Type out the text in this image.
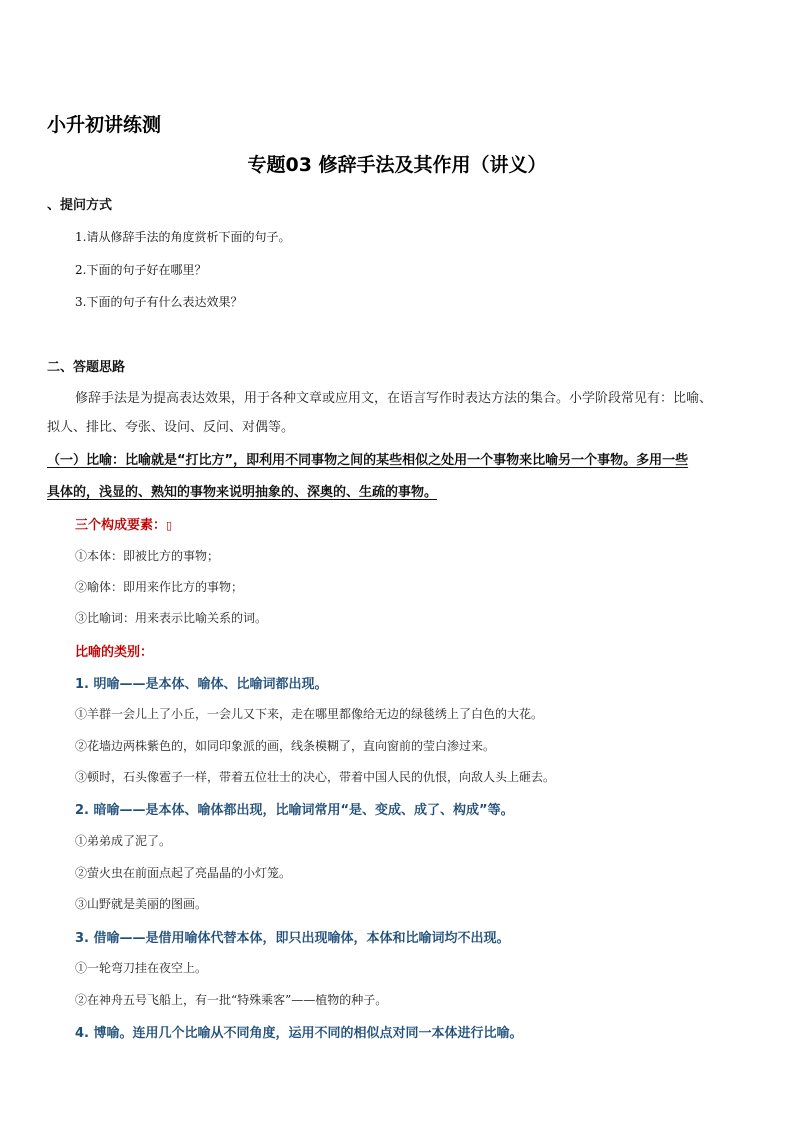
小升初讲练测
专题03 修辞手法及其作用（讲义）
、提问方式
1.请从修辞手法的角度赏析下面的句子。
2.下面的句子好在哪里？
3.下面的句子有什么表达效果？
二、答题思路
修辞手法是为提高表达效果，用于各种文章或应用文，在语言写作时表达方法的集合。小学阶段常见有：比喻、
拟人、排比、夸张、设问、反问、对偶等。
（一）比喻：比喻就是“打比方”，即利用不同事物之间的某些相似之处用一个事物来比喻另一个事物。多用一些
具体的，浅显的、熟知的事物来说明抽象的、深奥的、生疏的事物。
三个构成要素：▯
①本体：即被比方的事物；
②喻体：即用来作比方的事物；
③比喻词：用来表示比喻关系的词。
比喻的类别：
1. 明喻——是本体、喻体、比喻词都出现。
①羊群一会儿上了小丘，一会儿又下来，走在哪里都像给无边的绿毯绣上了白色的大花。
②花墙边两株紫色的，如同印象派的画，线条模糊了，直向窗前的莹白渗过来。
③顿时，石头像雹子一样，带着五位壮士的决心，带着中国人民的仇恨，向敌人头上砸去。
2. 暗喻——是本体、喻体都出现，比喻词常用“是、变成、成了、构成”等。
①弟弟成了泥了。
②萤火虫在前面点起了亮晶晶的小灯笼。
③山野就是美丽的图画。
3. 借喻——是借用喻体代替本体，即只出现喻体，本体和比喻词均不出现。
①一轮弯刀挂在夜空上。
②在神舟五号飞船上，有一批“特殊乘客”——植物的种子。
4. 博喻。连用几个比喻从不同角度，运用不同的相似点对同一本体进行比喻。
